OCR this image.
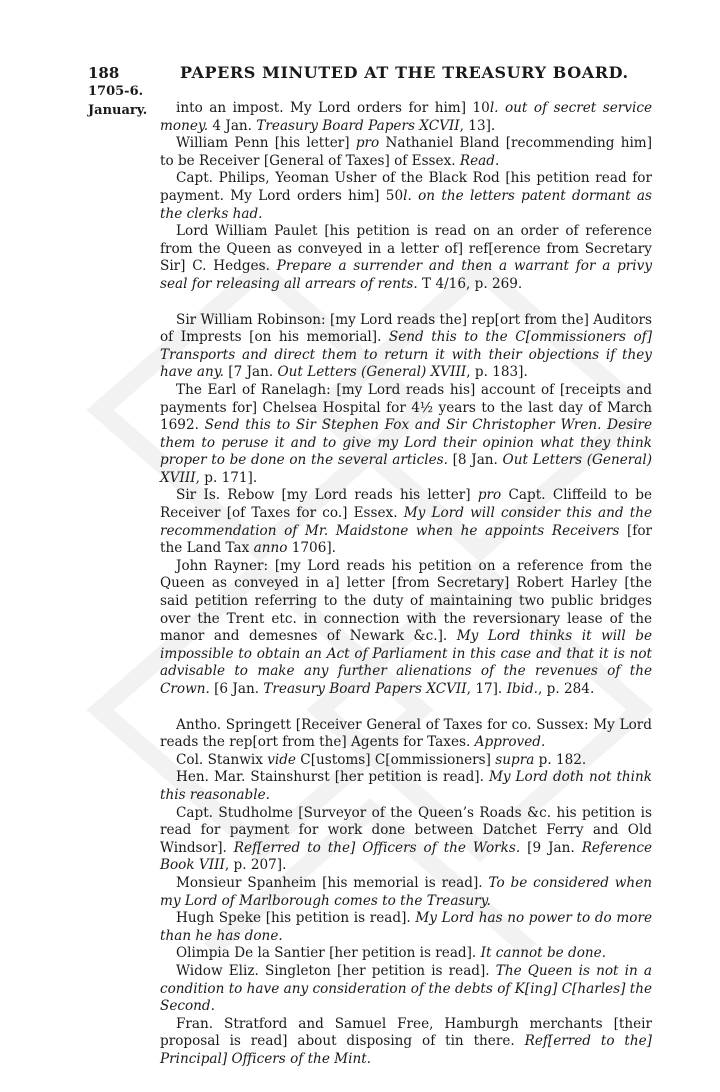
188	PAPERS MINUTED AT THE TREASURY BOARD.
1705-6.
January.	into an impost. My Lord orders for him] 10l. out of secret service money. 4 Jan. Treasury Board Papers XCVII, 13].

William Penn [his letter] pro Nathaniel Bland [recommending him] to be Receiver [General of Taxes] of Essex. Read.

Capt. Philips, Yeoman Usher of the Black Rod [his petition read for payment. My Lord orders him] 50l. on the letters patent dormant as the clerks had.

Lord William Paulet [his petition is read on an order of reference from the Queen as conveyed in a letter of] ref[erence from Secretary Sir] C. Hedges. Prepare a surrender and then a warrant for a privy seal for releasing all arrears of rents. T 4/16, p. 269.

Sir William Robinson: [my Lord reads the] rep[ort from the] Auditors of Imprests [on his memorial]. Send this to the C[ommissioners of] Transports and direct them to return it with their objections if they have any. [7 Jan. Out Letters (General) XVIII, p. 183].

The Earl of Ranelagh: [my Lord reads his] account of [receipts and payments for] Chelsea Hospital for 4½ years to the last day of March 1692. Send this to Sir Stephen Fox and Sir Christopher Wren. Desire them to peruse it and to give my Lord their opinion what they think proper to be done on the several articles. [8 Jan. Out Letters (General) XVIII, p. 171].

Sir Is. Rebow [my Lord reads his letter] pro Capt. Cliffeild to be Receiver [of Taxes for co.] Essex. My Lord will consider this and the recommendation of Mr. Maidstone when he appoints Receivers [for the Land Tax anno 1706].

John Rayner: [my Lord reads his petition on a reference from the Queen as conveyed in a] letter [from Secretary] Robert Harley [the said petition referring to the duty of maintaining two public bridges over the Trent etc. in connection with the reversionary lease of the manor and demesnes of Newark &c.]. My Lord thinks it will be impossible to obtain an Act of Parliament in this case and that it is not advisable to make any further alienations of the revenues of the Crown. [6 Jan. Treasury Board Papers XCVII, 17]. Ibid., p. 284.

Antho. Springett [Receiver General of Taxes for co. Sussex: My Lord reads the rep[ort from the] Agents for Taxes. Approved.

Col. Stanwix vide C[ustoms] C[ommissioners] supra p. 182.

Hen. Mar. Stainshurst [her petition is read]. My Lord doth not think this reasonable.

Capt. Studholme [Surveyor of the Queen’s Roads &c. his petition is read for payment for work done between Datchet Ferry and Old Windsor]. Ref[erred to the] Officers of the Works. [9 Jan. Reference Book VIII, p. 207].

Monsieur Spanheim [his memorial is read]. To be considered when my Lord of Marlborough comes to the Treasury.

Hugh Speke [his petition is read]. My Lord has no power to do more than he has done.

Olimpia De la Santier [her petition is read]. It cannot be done.

Widow Eliz. Singleton [her petition is read]. The Queen is not in a condition to have any consideration of the debts of K[ing] C[harles] the Second.

Fran. Stratford and Samuel Free, Hamburgh merchants [their proposal is read] about disposing of tin there. Ref[erred to the] Principal] Officers of the Mint.
